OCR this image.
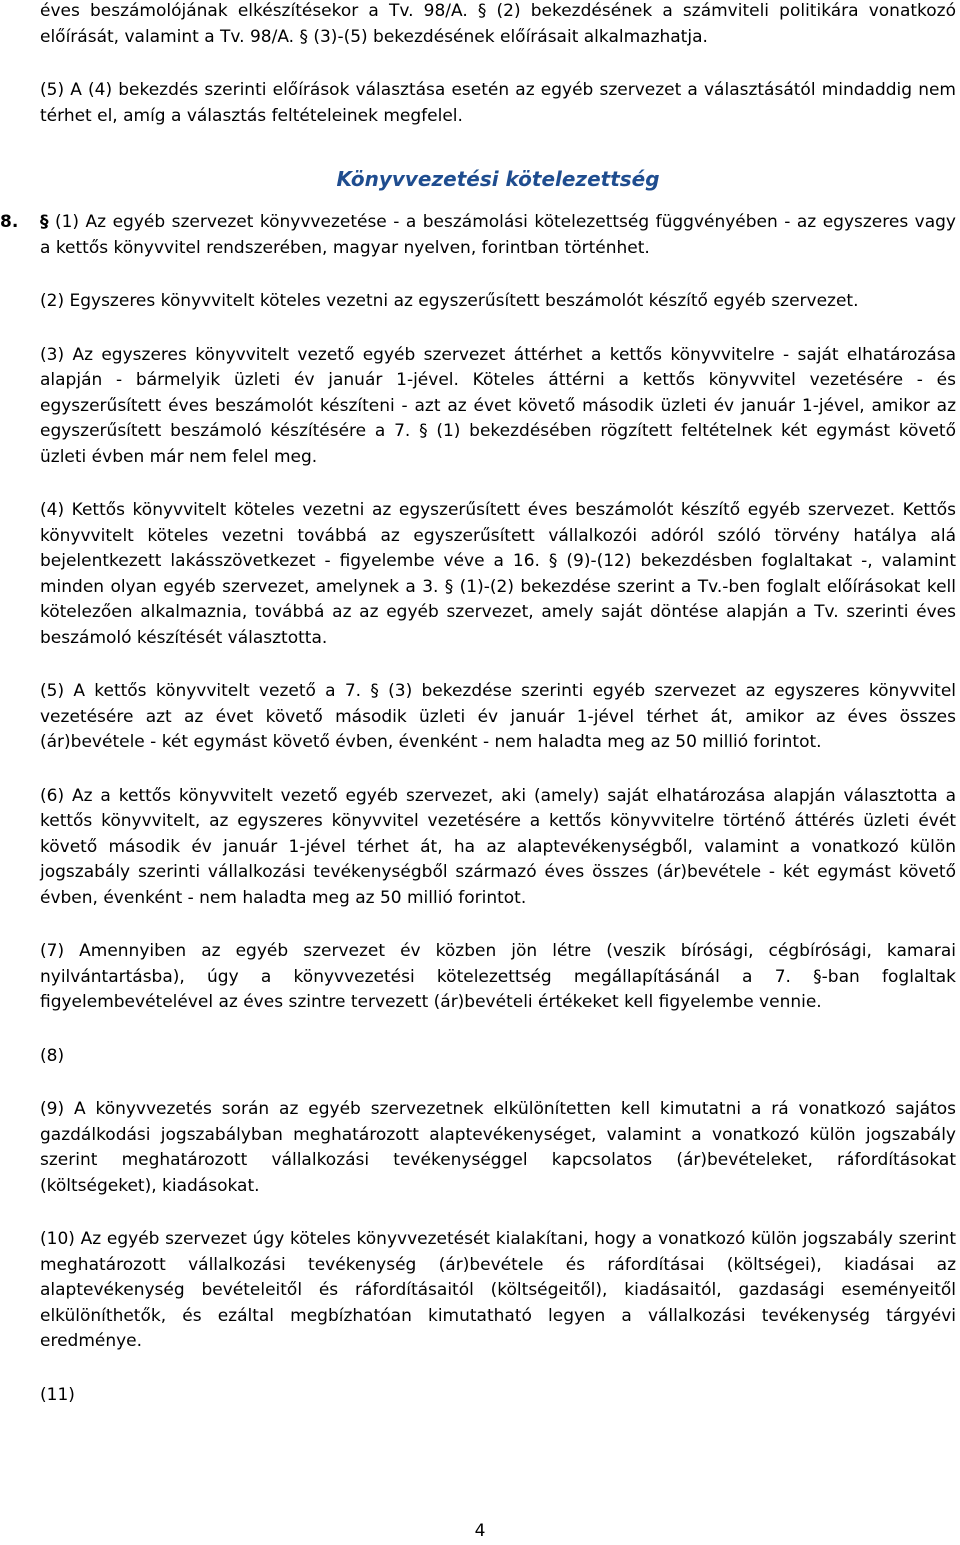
éves beszámolójának elkészítésekor a Tv. 98/A. § (2) bekezdésének a számviteli politikára vonatkozó előírását, valamint a Tv. 98/A. § (3)-(5) bekezdésének előírásait alkalmazhatja.

(5) A (4) bekezdés szerinti előírások választása esetén az egyéb szervezet a választásától mindaddig nem térhet el, amíg a választás feltételeinek megfelel.

Könyvvezetési kötelezettség

8. § (1) Az egyéb szervezet könyvvezetése - a beszámolási kötelezettség függvényében - az egyszeres vagy a kettős könyvvitel rendszerében, magyar nyelven, forintban történhet.

(2) Egyszeres könyvvitelt köteles vezetni az egyszerűsített beszámolót készítő egyéb szervezet.

(3) Az egyszeres könyvvitelt vezető egyéb szervezet áttérhet a kettős könyvvitelre - saját elhatározása alapján - bármelyik üzleti év január 1-jével. Köteles áttérni a kettős könyvvitel vezetésére - és egyszerűsített éves beszámolót készíteni - azt az évet követő második üzleti év január 1-jével, amikor az egyszerűsített beszámoló készítésére a 7. § (1) bekezdésében rögzített feltételnek két egymást követő üzleti évben már nem felel meg.

(4) Kettős könyvvitelt köteles vezetni az egyszerűsített éves beszámolót készítő egyéb szervezet. Kettős könyvvitelt köteles vezetni továbbá az egyszerűsített vállalkozói adóról szóló törvény hatálya alá bejelentkezett lakásszövetkezet - figyelembe véve a 16. § (9)-(12) bekezdésben foglaltakat -, valamint minden olyan egyéb szervezet, amelynek a 3. § (1)-(2) bekezdése szerint a Tv.-ben foglalt előírásokat kell kötelezően alkalmaznia, továbbá az az egyéb szervezet, amely saját döntése alapján a Tv. szerinti éves beszámoló készítését választotta.

(5) A kettős könyvvitelt vezető a 7. § (3) bekezdése szerinti egyéb szervezet az egyszeres könyvvitel vezetésére azt az évet követő második üzleti év január 1-jével térhet át, amikor az éves összes (ár)bevétele - két egymást követő évben, évenként - nem haladta meg az 50 millió forintot.

(6) Az a kettős könyvvitelt vezető egyéb szervezet, aki (amely) saját elhatározása alapján választotta a kettős könyvvitelt, az egyszeres könyvvitel vezetésére a kettős könyvvitelre történő áttérés üzleti évét követő második év január 1-jével térhet át, ha az alaptevékenységből, valamint a vonatkozó külön jogszabály szerinti vállalkozási tevékenységből származó éves összes (ár)bevétele - két egymást követő évben, évenként - nem haladta meg az 50 millió forintot.

(7) Amennyiben az egyéb szervezet év közben jön létre (veszik bírósági, cégbírósági, kamarai nyilvántartásba), úgy a könyvvezetési kötelezettség megállapításánál a 7. §-ban foglaltak figyelembevételével az éves szintre tervezett (ár)bevételi értékeket kell figyelembe vennie.

(8)

(9) A könyvvezetés során az egyéb szervezetnek elkülönítetten kell kimutatni a rá vonatkozó sajátos gazdálkodási jogszabályban meghatározott alaptevékenységet, valamint a vonatkozó külön jogszabály szerint meghatározott vállalkozási tevékenységgel kapcsolatos (ár)bevételeket, ráfordításokat (költségeket), kiadásokat.

(10) Az egyéb szervezet úgy köteles könyvvezetését kialakítani, hogy a vonatkozó külön jogszabály szerint meghatározott vállalkozási tevékenység (ár)bevétele és ráfordításai (költségei), kiadásai az alaptevékenység bevételeitől és ráfordításaitól (költségeitől), kiadásaitól, gazdasági eseményeitől elkülöníthetők, és ezáltal megbízhatóan kimutatható legyen a vállalkozási tevékenység tárgyévi eredménye.

(11)

4
